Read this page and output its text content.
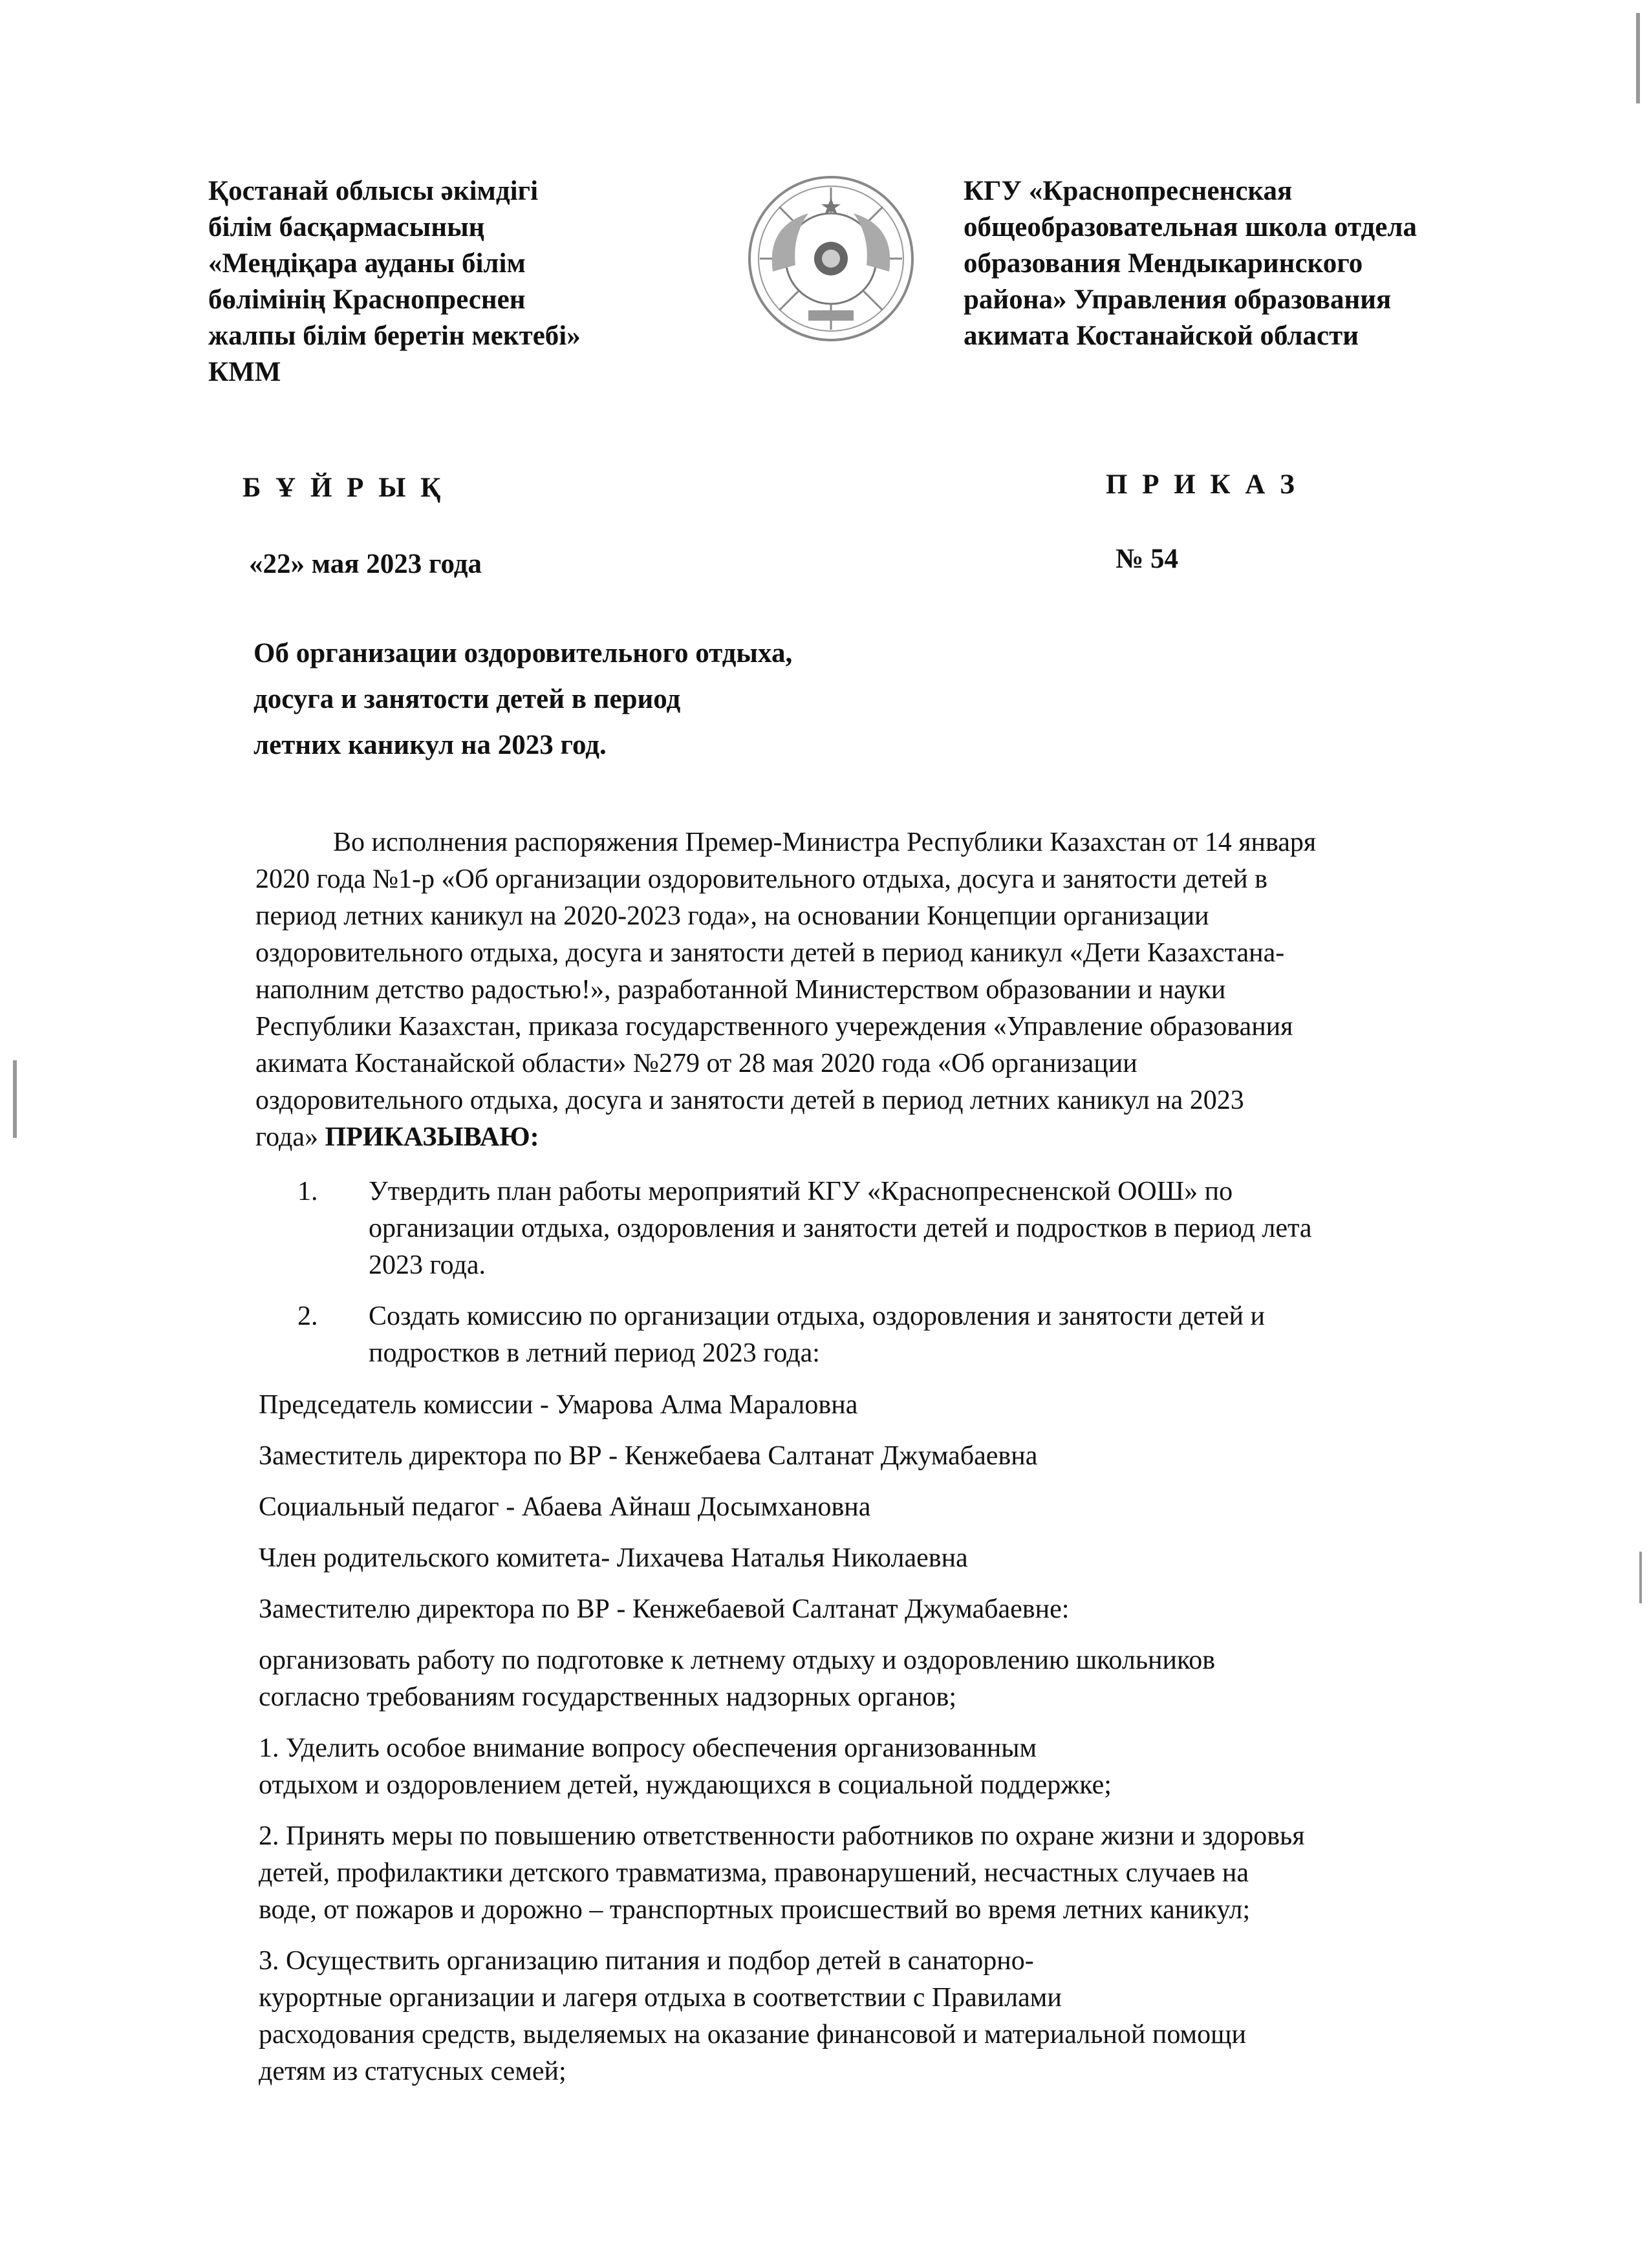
Қостанай облысы әкімдігі
білім басқармасының
«Меңдіқара ауданы білім
бөлімінің Краснопреснен
жалпы білім беретін мектебі»
КММ
КГУ «Краснопресненская
общеобразовательная школа отдела
образования Мендыкаринского
района» Управления образования
акимата Костанайской области
Б Ұ Й Р Ы Қ	П Р И К А З
«22» мая 2023 года	№ 54
Об организации оздоровительного отдыха,
досуга и занятости детей в период
летних каникул на 2023 год.
Во исполнения распоряжения Премер-Министра Республики Казахстан от 14 января
2020 года №1-р «Об организации оздоровительного отдыха, досуга и занятости детей в
период летних каникул на 2020-2023 года», на основании Концепции организации
оздоровительного отдыха, досуга и занятости детей в период каникул «Дети Казахстана-
наполним детство радостью!», разработанной Министерством образовании и науки
Республики Казахстан, приказа государственного учереждения «Управление образования
акимата Костанайской области» №279 от 28 мая 2020 года «Об организации
оздоровительного отдыха, досуга и занятости детей в период летних каникул на 2023
года» ПРИКАЗЫВАЮ:
1. Утвердить план работы мероприятий КГУ «Краснопресненской ООШ» по
организации отдыха, оздоровления и занятости детей и подростков в период лета
2023 года.
2. Создать комиссию по организации отдыха, оздоровления и занятости детей и
подростков в летний период 2023 года:
Председатель комиссии - Умарова Алма Мараловна
Заместитель директора по ВР - Кенжебаева Салтанат Джумабаевна
Социальный педагог - Абаева Айнаш Досымхановна
Член родительского комитета- Лихачева Наталья Николаевна
Заместителю директора по ВР - Кенжебаевой Салтанат Джумабаевне:
организовать работу по подготовке к летнему отдыху и оздоровлению школьников
согласно требованиям государственных надзорных органов;
1. Уделить особое внимание вопросу обеспечения организованным
отдыхом и оздоровлением детей, нуждающихся в социальной поддержке;
2. Принять меры по повышению ответственности работников по охране жизни и здоровья
детей, профилактики детского травматизма, правонарушений, несчастных случаев на
воде, от пожаров и дорожно – транспортных происшествий во время летних каникул;
3. Осуществить организацию питания и подбор детей в санаторно-
курортные организации и лагеря отдыха в соответствии с Правилами
расходования средств, выделяемых на оказание финансовой и материальной помощи
детям из статусных семей;
